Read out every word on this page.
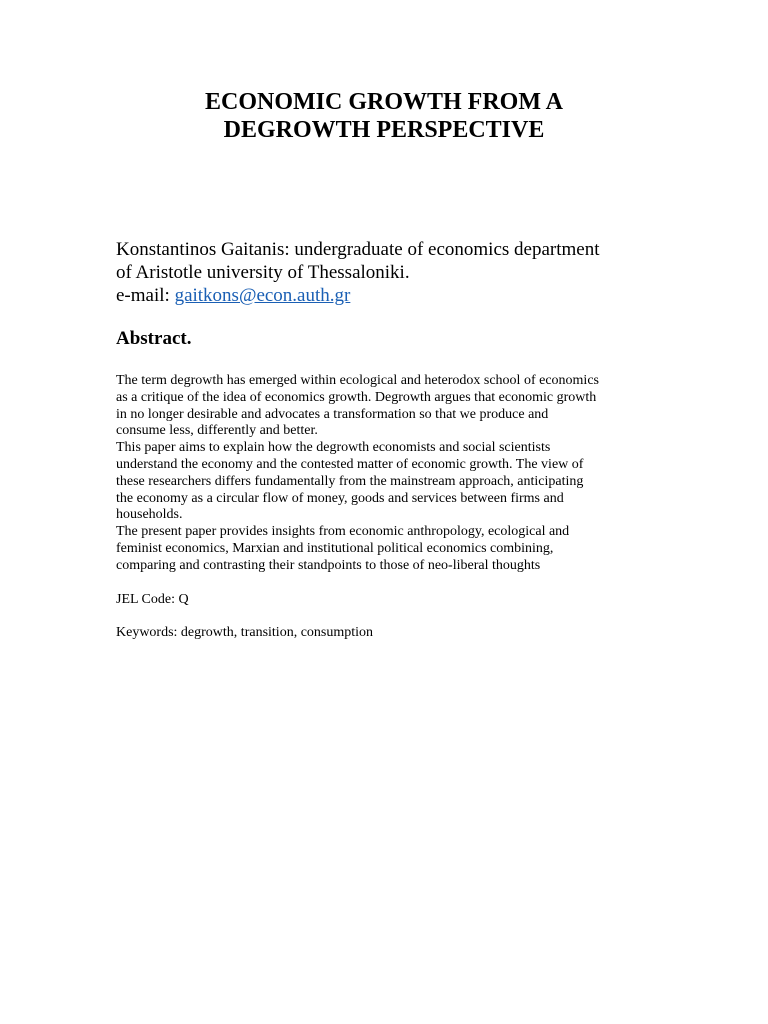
ECONOMIC GROWTH FROM A
DEGROWTH PERSPECTIVE
Konstantinos Gaitanis: undergraduate of economics department
of Aristotle university of Thessaloniki.
e-mail: gaitkons@econ.auth.gr
Abstract.
The term degrowth has emerged within ecological and heterodox school of economics
as a critique of the idea of economics growth. Degrowth argues that economic growth
in no longer desirable and advocates a transformation so that we produce and
consume less, differently and better.
This paper aims to explain how the degrowth economists and social scientists
understand the economy and the contested matter of economic growth. The view of
these researchers differs fundamentally from the mainstream approach, anticipating
the economy as a circular flow of money, goods and services between firms and
households.
The present paper provides insights from economic anthropology, ecological and
feminist economics, Marxian and institutional political economics combining,
comparing and contrasting their standpoints to those of neo-liberal thoughts

JEL Code: Q

Keywords: degrowth, transition, consumption
